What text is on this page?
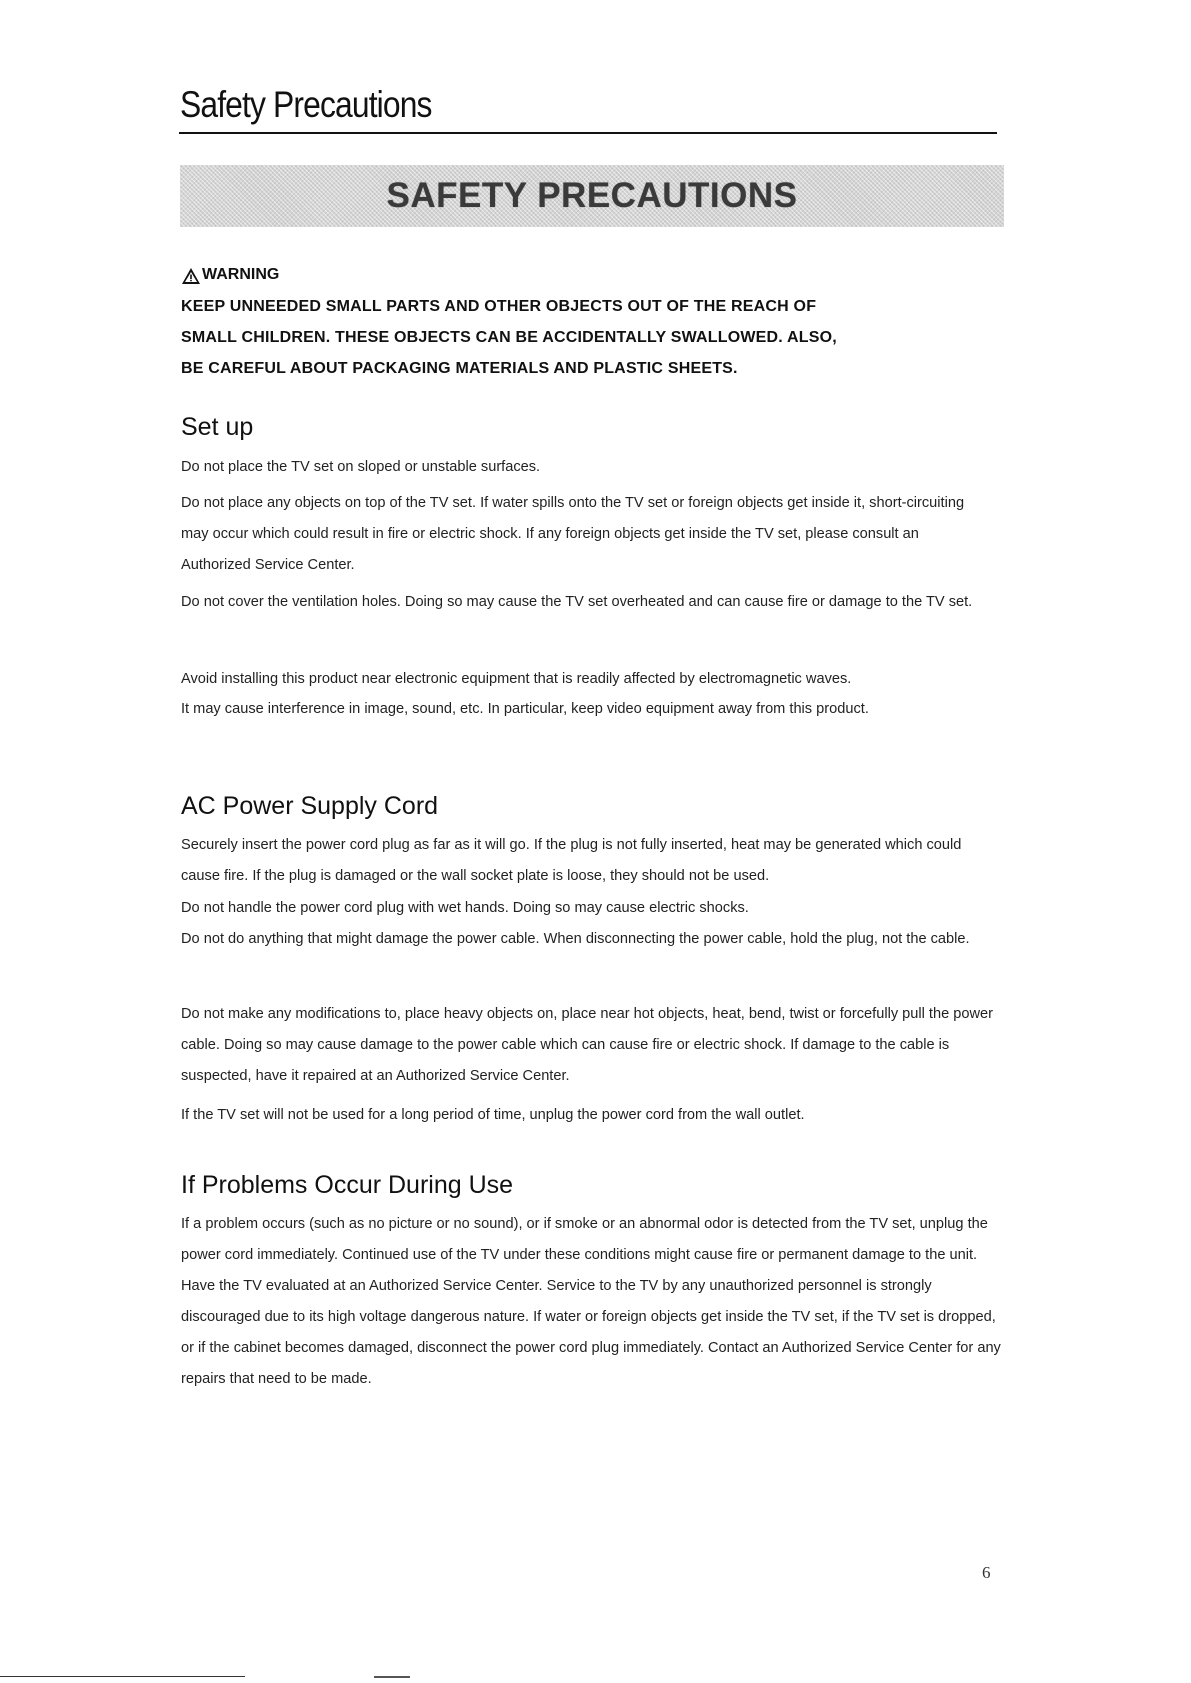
Safety Precautions
SAFETY PRECAUTIONS
WARNING
KEEP UNNEEDED SMALL PARTS AND OTHER OBJECTS OUT OF THE REACH OF
SMALL CHILDREN. THESE OBJECTS CAN BE ACCIDENTALLY SWALLOWED. ALSO,
BE CAREFUL ABOUT PACKAGING MATERIALS AND PLASTIC SHEETS.
Set up

Do not place the TV set on sloped or unstable surfaces.

Do not place any objects on top of the TV set. If water spills onto the TV set or foreign objects get inside it, short-circuiting may occur which could result in fire or electric shock. If any foreign objects get inside the TV set, please consult an Authorized Service Center.

Do not cover the ventilation holes. Doing so may cause the TV set overheated and can cause fire or damage to the TV set.

Avoid installing this product near electronic equipment that is readily affected by electromagnetic waves.

It may cause interference in image, sound, etc. In particular, keep video equipment away from this product.

AC Power Supply Cord

Securely insert the power cord plug as far as it will go. If the plug is not fully inserted, heat may be generated which could cause fire. If the plug is damaged or the wall socket plate is loose, they should not be used.

Do not handle the power cord plug with wet hands. Doing so may cause electric shocks.

Do not do anything that might damage the power cable. When disconnecting the power cable, hold the plug, not the cable.

Do not make any modifications to, place heavy objects on, place near hot objects, heat, bend, twist or forcefully pull the power cable. Doing so may cause damage to the power cable which can cause fire or electric shock. If damage to the cable is suspected, have it repaired at an Authorized Service Center.

If the TV set will not be used for a long period of time, unplug the power cord from the wall outlet.

If Problems Occur During Use

If a problem occurs (such as no picture or no sound), or if smoke or an abnormal odor is detected from the TV set, unplug the power cord immediately. Continued use of the TV under these conditions might cause fire or permanent damage to the unit. Have the TV evaluated at an Authorized Service Center. Service to the TV by any unauthorized personnel is strongly discouraged due to its high voltage dangerous nature. If water or foreign objects get inside the TV set, if the TV set is dropped, or if the cabinet becomes damaged, disconnect the power cord plug immediately. Contact an Authorized Service Center for any repairs that need to be made.

6
